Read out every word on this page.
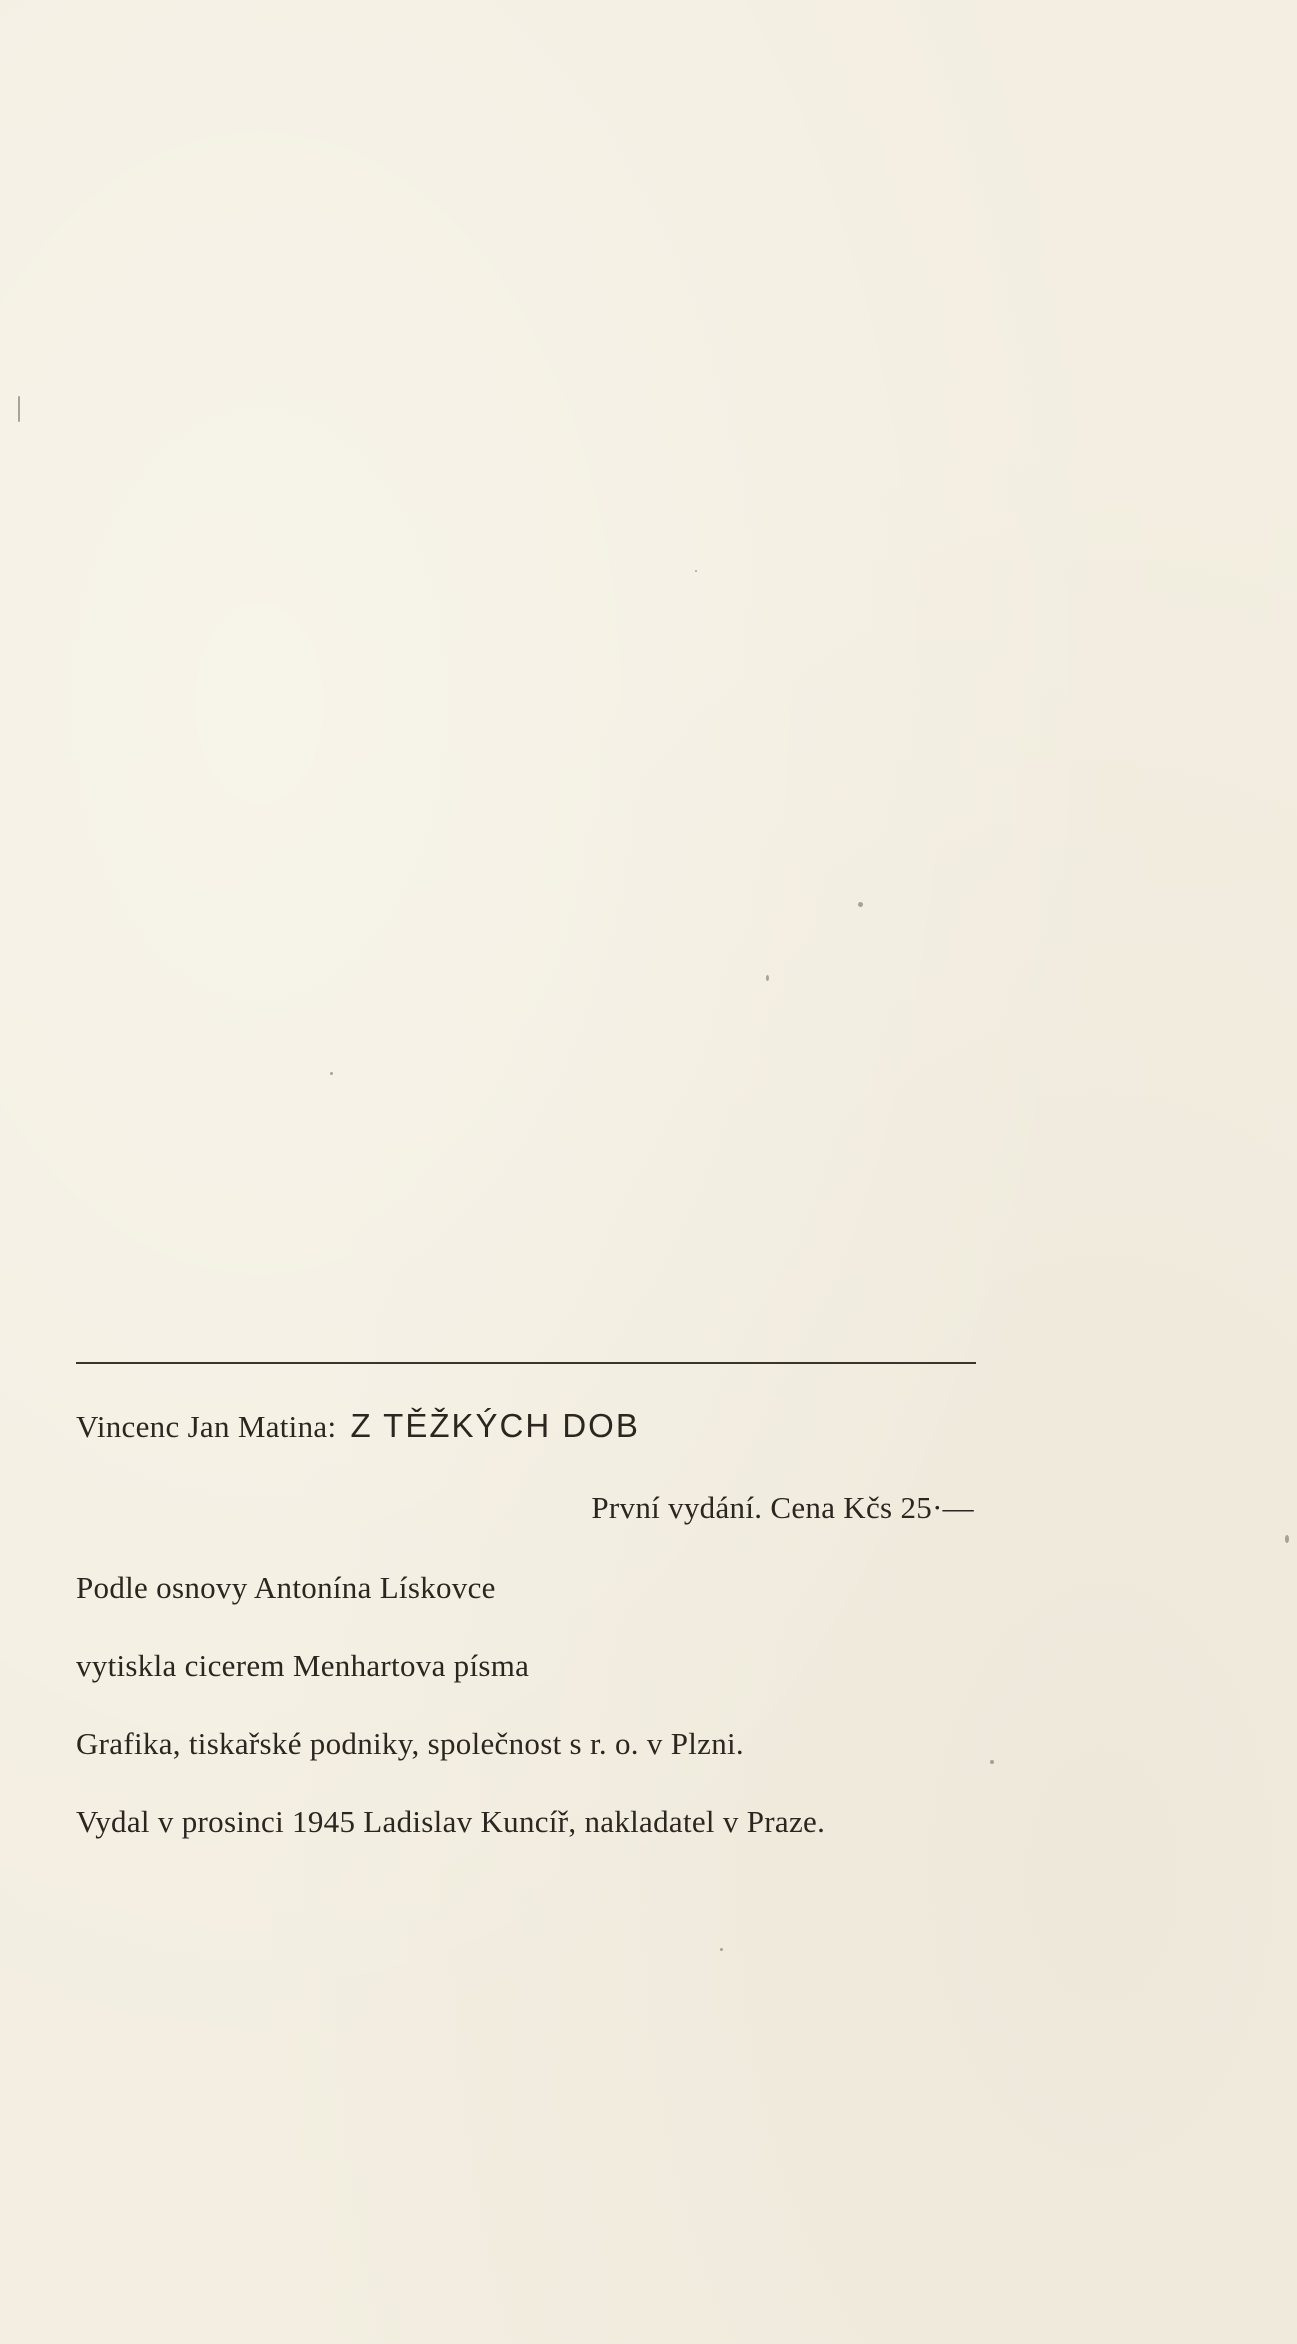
Vincenc Jan Matina: Z TĚŽKÝCH DOB
První vydání. Cena Kčs 25·—
Podle osnovy Antonína Lískovce
vytiskla cicerem Menhartova písma
Grafika, tiskařské podniky, společnost s r. o. v Plzni.
Vydal v prosinci 1945 Ladislav Kuncíř, nakladatel v Praze.
